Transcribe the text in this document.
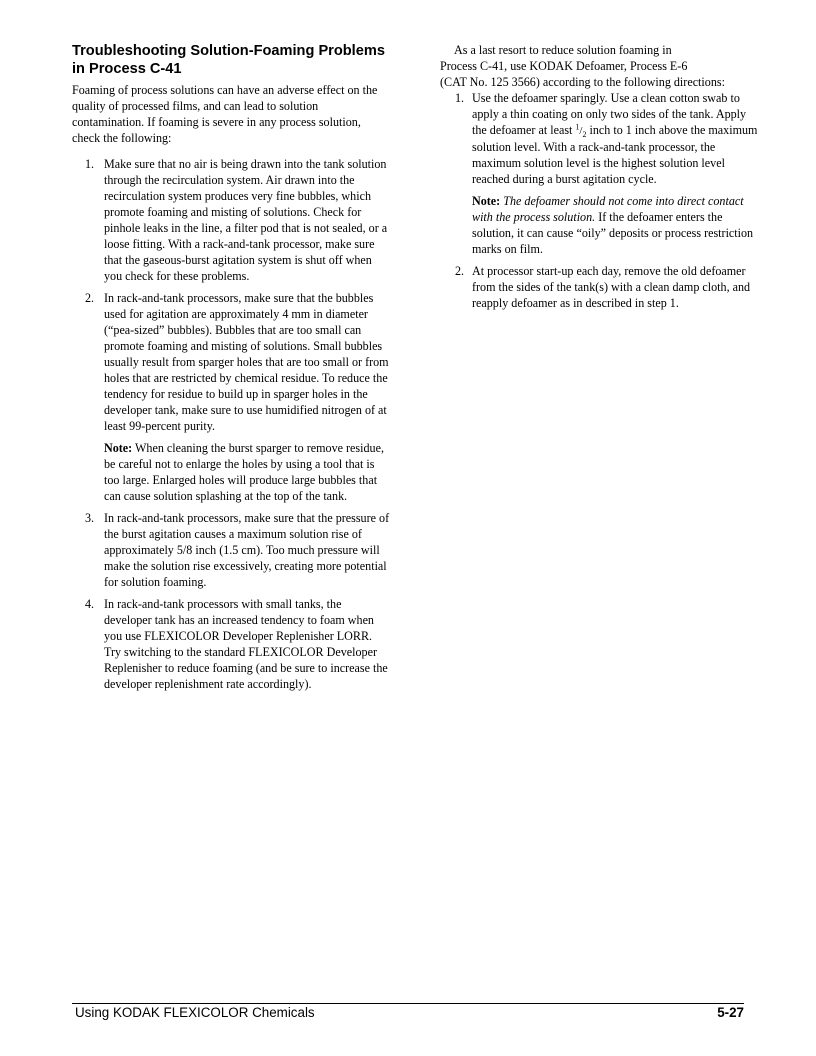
Troubleshooting Solution-Foaming Problems
in Process C-41

Foaming of process solutions can have an adverse effect on the quality of processed films, and can lead to solution contamination. If foaming is severe in any process solution, check the following:

1. Make sure that no air is being drawn into the tank solution through the recirculation system. Air drawn into the recirculation system produces very fine bubbles, which promote foaming and misting of solutions. Check for pinhole leaks in the line, a filter pod that is not sealed, or a loose fitting. With a rack-and-tank processor, make sure that the gaseous-burst agitation system is shut off when you check for these problems.
2. In rack-and-tank processors, make sure that the bubbles used for agitation are approximately 4 mm in diameter (“pea-sized” bubbles). Bubbles that are too small can promote foaming and misting of solutions. Small bubbles usually result from sparger holes that are too small or from holes that are restricted by chemical residue. To reduce the tendency for residue to build up in sparger holes in the developer tank, make sure to use humidified nitrogen of at least 99-percent purity.
Note: When cleaning the burst sparger to remove residue, be careful not to enlarge the holes by using a tool that is too large. Enlarged holes will produce large bubbles that can cause solution splashing at the top of the tank.
3. In rack-and-tank processors, make sure that the pressure of the burst agitation causes a maximum solution rise of approximately 5/8 inch (1.5 cm). Too much pressure will make the solution rise excessively, creating more potential for solution foaming.
4. In rack-and-tank processors with small tanks, the developer tank has an increased tendency to foam when you use FLEXICOLOR Developer Replenisher LORR. Try switching to the standard FLEXICOLOR Developer Replenisher to reduce foaming (and be sure to increase the developer replenishment rate accordingly).

As a last resort to reduce solution foaming in
Process C-41, use KODAK Defoamer, Process E-6
(CAT No. 125 3566) according to the following directions:

1. Use the defoamer sparingly. Use a clean cotton swab to apply a thin coating on only two sides of the tank. Apply the defoamer at least $^1/_2$ inch to 1 inch above the maximum solution level. With a rack-and-tank processor, the maximum solution level is the highest solution level reached during a burst agitation cycle.
Note: The defoamer should not come into direct contact with the process solution. If the defoamer enters the solution, it can cause “oily” deposits or process restriction marks on film.
2. At processor start-up each day, remove the old defoamer from the sides of the tank(s) with a clean damp cloth, and reapply defoamer as in described in step 1.
Using KODAK FLEXICOLOR Chemicals	5-27
